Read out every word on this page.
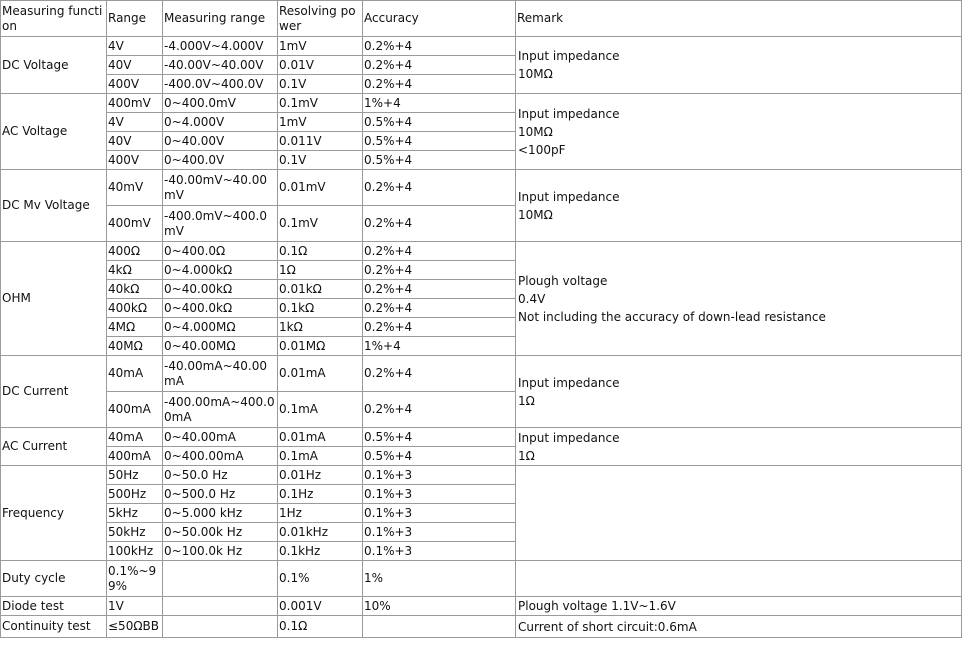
Measuring function	Range	Measuring range	Resolving power	Accuracy	Remark
DC Voltage	4V	-4.000V~4.000V	1mV	0.2%+4	Input impedance
10MΩ
	40V	-40.00V~40.00V	0.01V	0.2%+4	
	400V	-400.0V~400.0V	0.1V	0.2%+4	
AC Voltage	400mV	0~400.0mV	0.1mV	1%+4	Input impedance
10MΩ
<100pF
	4V	0~4.000V	1mV	0.5%+4	
	40V	0~40.00V	0.011V	0.5%+4	
	400V	0~400.0V	0.1V	0.5%+4	
DC Mv Voltage	40mV	-40.00mV~40.00 mV	0.01mV	0.2%+4	Input impedance
10MΩ
	400mV	-400.0mV~400.0 mV	0.1mV	0.2%+4	
OHM	400Ω	0~400.0Ω	0.1Ω	0.2%+4	Plough voltage
0.4V
Not including the accuracy of down-lead resistance
	4kΩ	0~4.000kΩ	1Ω	0.2%+4	
	40kΩ	0~40.00kΩ	0.01kΩ	0.2%+4	
	400kΩ	0~400.0kΩ	0.1kΩ	0.2%+4	
	4MΩ	0~4.000MΩ	1kΩ	0.2%+4	
	40MΩ	0~40.00MΩ	0.01MΩ	1%+4	
DC Current	40mA	-40.00mA~40.00 mA	0.01mA	0.2%+4	Input impedance
1Ω
	400mA	-400.00mA~400.0 0mA	0.1mA	0.2%+4	
AC Current	40mA	0~40.00mA	0.01mA	0.5%+4	Input impedance
1Ω
	400mA	0~400.00mA	0.1mA	0.5%+4	
Frequency	50Hz	0~50.0 Hz	0.01Hz	0.1%+3	
	500Hz	0~500.0 Hz	0.1Hz	0.1%+3	
	5kHz	0~5.000 kHz	1Hz	0.1%+3	
	50kHz	0~50.00k Hz	0.01kHz	0.1%+3	
	100kHz	0~100.0k Hz	0.1kHz	0.1%+3	
Duty cycle	0.1%~99%		0.1%	1%	
Diode test	1V		0.001V	10%	Plough voltage 1.1V~1.6V
Continuity test	≤50ΩBB		0.1Ω		Current of short circuit:0.6mA
